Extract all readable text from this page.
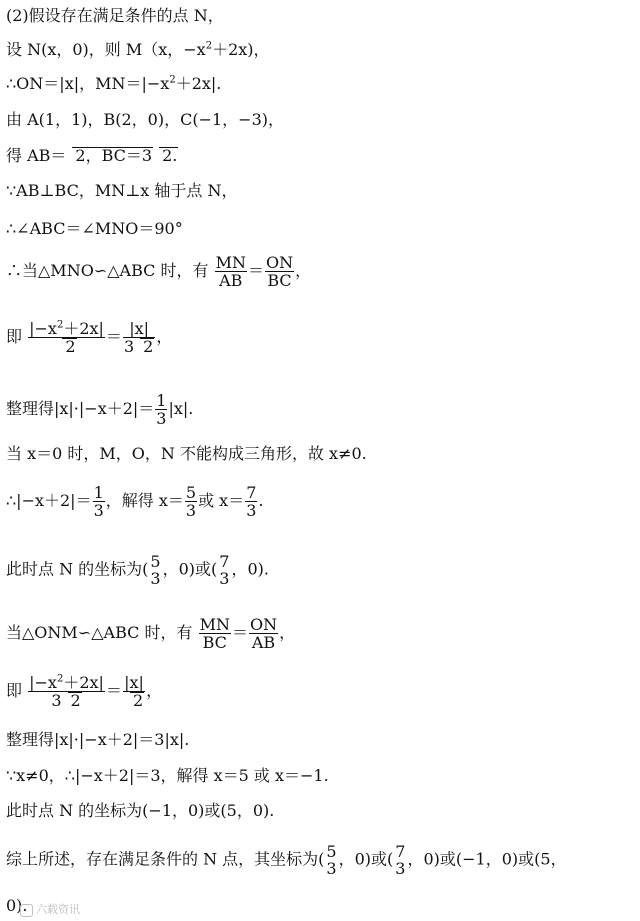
(2)假设存在满足条件的点 N，
设 N(x，0)，则 M（x，$-x^2+2x$)，
∴ON＝|x|，$MN=|-x^2+2x|$.
由 A(1，1)，B(2，0)，C(−1，−3)，
得 AB＝ 2，BC＝3 2.
∵AB⊥BC，MN⊥x 轴于点 N，
∴∠ABC＝∠MNO＝90°
∴当△MNO∽△ABC 时，有 $\frac{MN}{AB} = \frac{ON}{BC}$ ，
即 $\frac{|-x^2+2x|}{2} = \frac{|x|}{3 2}$ ，
整理得$|x|\cdot|-x+2|= \frac{1}{3} |x|$.
当 x＝0 时，M，O，N 不能构成三角形，故 x≠0.
∴|−x＋2|＝ $\frac{1}{3}$ ，解得 $x= \frac{5}{3}$ 或 $x= \frac{7}{3}$ .
此时点 N 的坐标为( 5
3 ，0)或( 7
3 ，0).
当△ONM∽△ABC 时，有 $\frac{MN}{BC} = \frac{ON}{AB}$ ，
即 $\frac{|-x^2+2x|}{3 2} = \frac{|x|}{2}$ ，
整理得|x|·|−x＋2|＝3|x|.
∵x≠0，∴|−x＋2|＝3，解得 x＝5 或 x＝−1.
此时点 N 的坐标为(−1，0)或(5，0).
综上所述，存在满足条件的 N 点，其坐标为( 5
3 ，0)或( 7
3 ，0)或(−1，0)或(5，
0). 六载资讯
